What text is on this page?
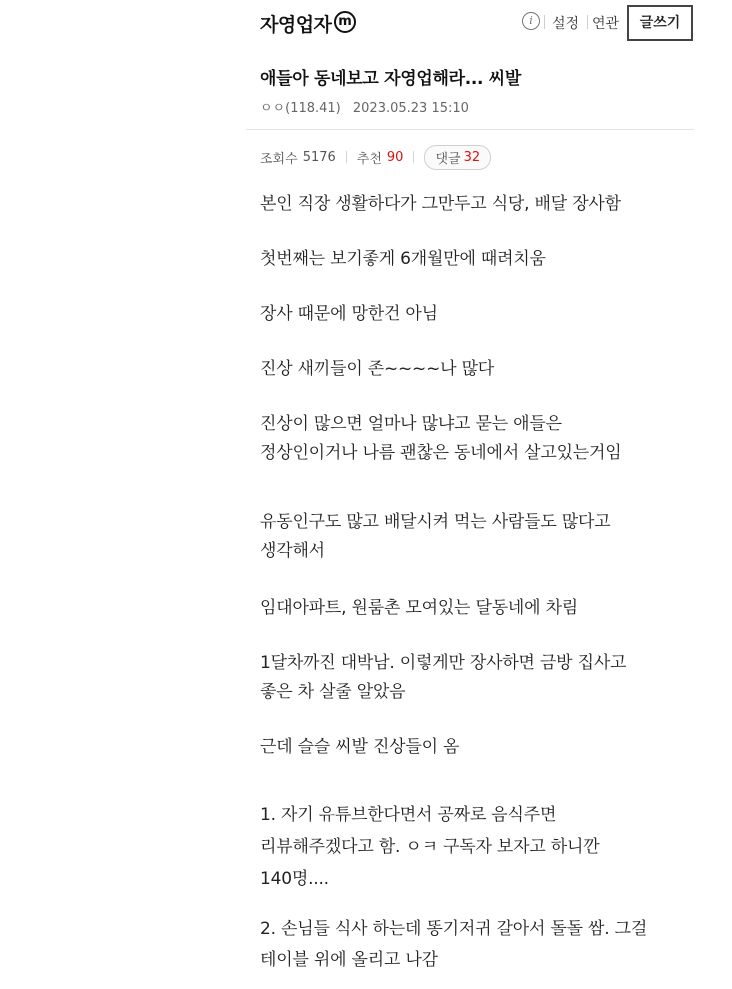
자영업자 m	i	설정 연관	글쓰기
애들아 동네보고 자영업해라... 씨발
ㅇㅇ(118.41) 2023.05.23 15:10
조회수 5176 추천 90 댓글 32
본인 직장 생활하다가 그만두고 식당, 배달 장사함
첫번째는 보기좋게 6개월만에 때려치움
장사 때문에 망한건 아님
진상 새끼들이 존~~~~나 많다
진상이 많으면 얼마나 많냐고 묻는 애들은
정상인이거나 나름 괜찮은 동네에서 살고있는거임
유동인구도 많고 배달시켜 먹는 사람들도 많다고
생각해서
임대아파트, 원룸촌 모여있는 달동네에 차림
1달차까진 대박남. 이렇게만 장사하면 금방 집사고
좋은 차 살줄 알았음
근데 슬슬 씨발 진상들이 옴
1. 자기 유튜브한다면서 공짜로 음식주면
리뷰해주겠다고 함. ㅇㅋ 구독자 보자고 하니깐
140명....
2. 손님들 식사 하는데 똥기저귀 갈아서 돌돌 쌈. 그걸
테이블 위에 올리고 나감
